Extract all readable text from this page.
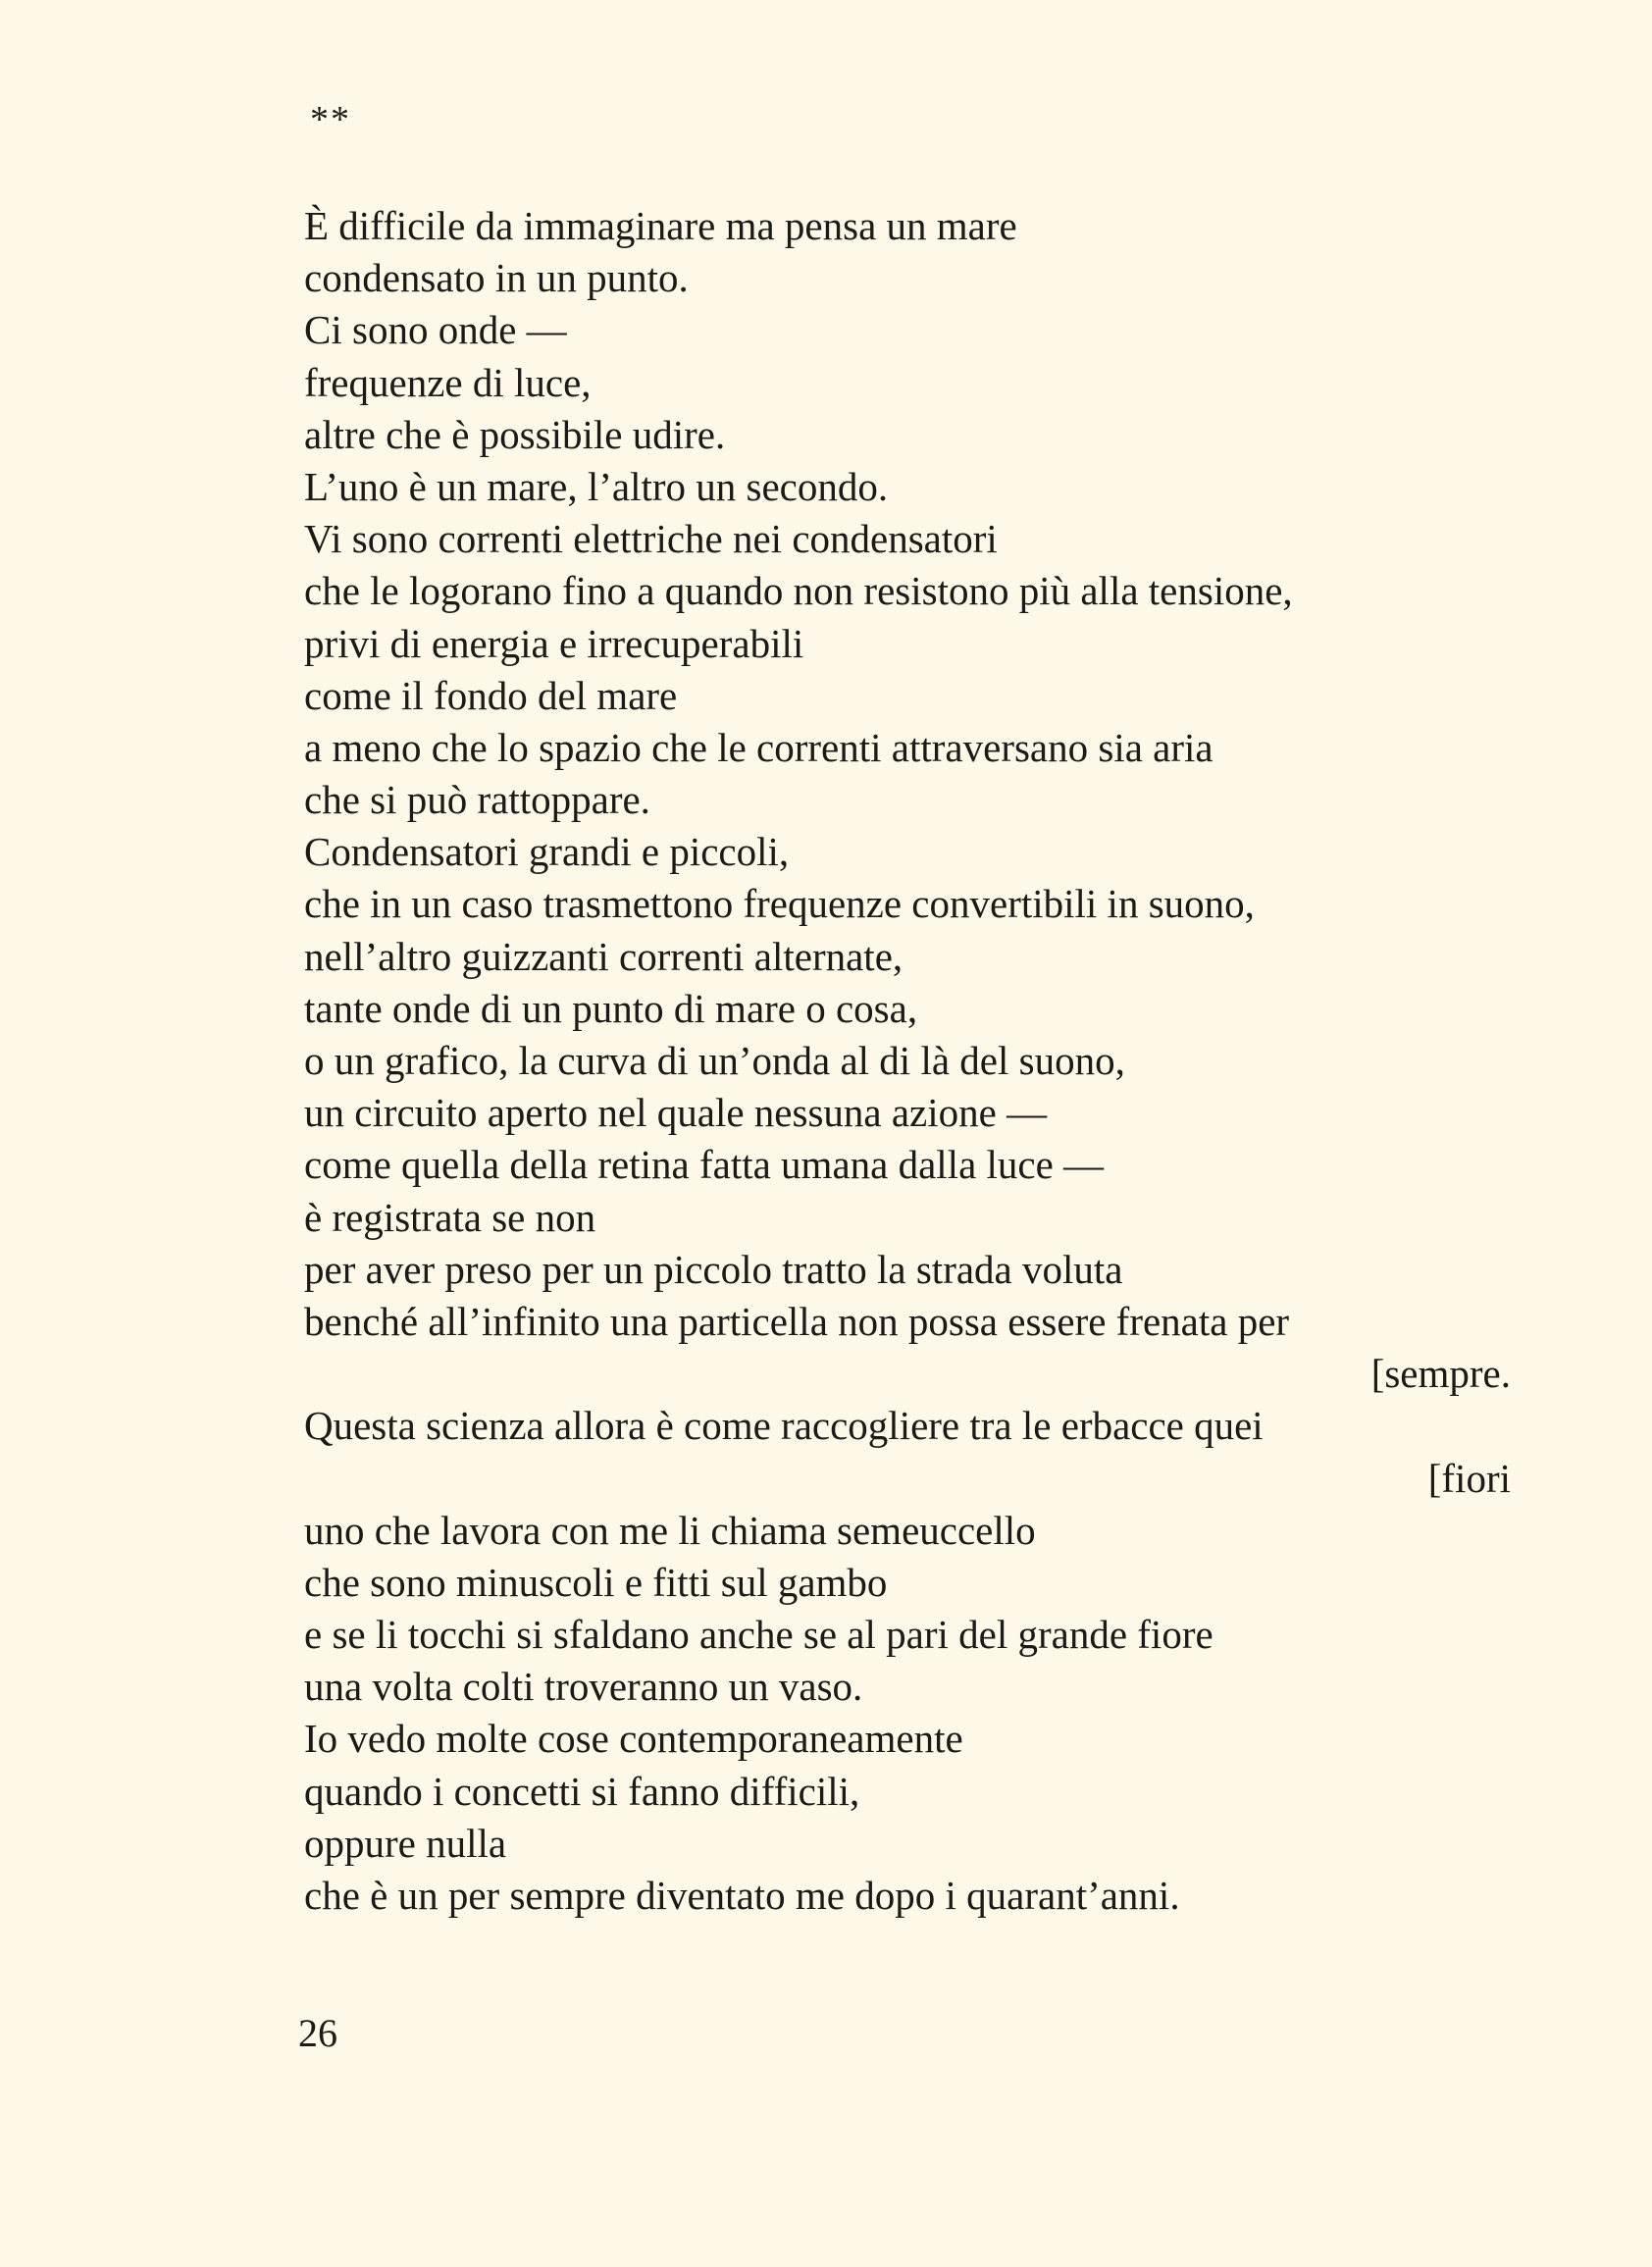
**
È difficile da immaginare ma pensa un mare
condensato in un punto.
Ci sono onde —
frequenze di luce,
altre che è possibile udire.
L’uno è un mare, l’altro un secondo.
Vi sono correnti elettriche nei condensatori
che le logorano fino a quando non resistono più alla tensione,
privi di energia e irrecuperabili
come il fondo del mare
a meno che lo spazio che le correnti attraversano sia aria
che si può rattoppare.
Condensatori grandi e piccoli,
che in un caso trasmettono frequenze convertibili in suono,
nell’altro guizzanti correnti alternate,
tante onde di un punto di mare o cosa,
o un grafico, la curva di un’onda al di là del suono,
un circuito aperto nel quale nessuna azione —
come quella della retina fatta umana dalla luce —
è registrata se non
per aver preso per un piccolo tratto la strada voluta
benché all’infinito una particella non possa essere frenata per
[sempre.
Questa scienza allora è come raccogliere tra le erbacce quei
[fiori
uno che lavora con me li chiama semeuccello
che sono minuscoli e fitti sul gambo
e se li tocchi si sfaldano anche se al pari del grande fiore
una volta colti troveranno un vaso.
Io vedo molte cose contemporaneamente
quando i concetti si fanno difficili,
oppure nulla
che è un per sempre diventato me dopo i quarant’anni.
26
